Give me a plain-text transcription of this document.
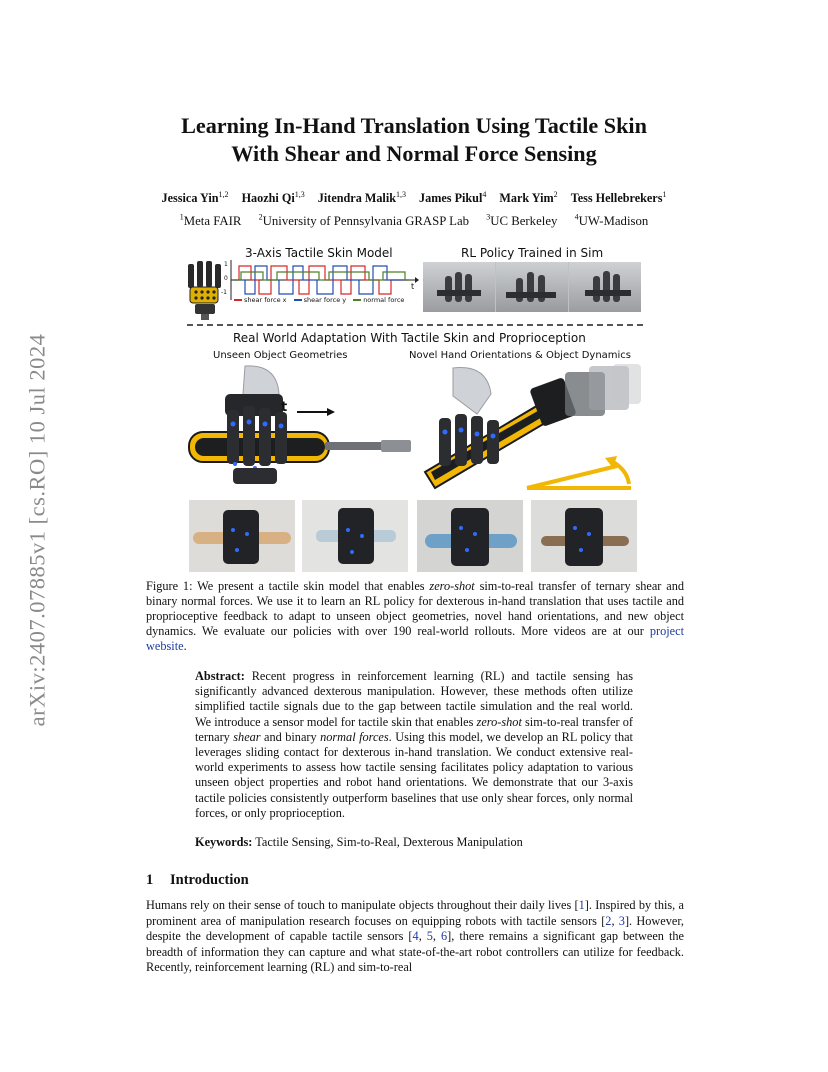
arXiv:2407.07885v1 [cs.RO] 10 Jul 2024
Learning In-Hand Translation Using Tactile Skin
With Shear and Normal Force Sensing
Jessica Yin$^{1,2}$ Haozhi Qi$^{1,3}$ Jitendra Malik$^{1,3}$ James Pikul$^4$ Mark Yim$^2$ Tess Hellebrekers$^1$
$^1$Meta FAIR $^2$University of Pennsylvania GRASP Lab $^3$UC Berkeley $^4$UW-Madison
3-Axis Tactile Skin Model
1
0
-1
t
shear force x	shear force y	normal force
RL Policy Trained in Sim
Real World Adaptation With Tactile Skin and Proprioception
Unseen Object Geometries	Novel Hand Orientations & Object Dynamics
t
Figure 1: We present a tactile skin model that enables zero-shot sim-to-real transfer of ternary shear and binary normal forces. We use it to learn an RL policy for dexterous in-hand translation that uses tactile and proprioceptive feedback to adapt to unseen object geometries, novel hand orientations, and new object dynamics. We evaluate our policies with over 190 real-world rollouts. More videos are at our project website.
Abstract: Recent progress in reinforcement learning (RL) and tactile sensing has significantly advanced dexterous manipulation. However, these methods often utilize simplified tactile signals due to the gap between tactile simulation and the real world. We introduce a sensor model for tactile skin that enables zero-shot sim-to-real transfer of ternary shear and binary normal forces. Using this model, we develop an RL policy that leverages sliding contact for dexterous in-hand translation. We conduct extensive real-world experiments to assess how tactile sensing facilitates policy adaptation to various unseen object properties and robot hand orientations. We demonstrate that our 3-axis tactile policies consistently outperform baselines that use only shear forces, only normal forces, or only proprioception.
Keywords: Tactile Sensing, Sim-to-Real, Dexterous Manipulation
1 Introduction
Humans rely on their sense of touch to manipulate objects throughout their daily lives [1]. Inspired by this, a prominent area of manipulation research focuses on equipping robots with tactile sensors [2, 3]. However, despite the development of capable tactile sensors [4, 5, 6], there remains a significant gap between the breadth of information they can capture and what state-of-the-art robot controllers can utilize for feedback. Recently, reinforcement learning (RL) and sim-to-real
